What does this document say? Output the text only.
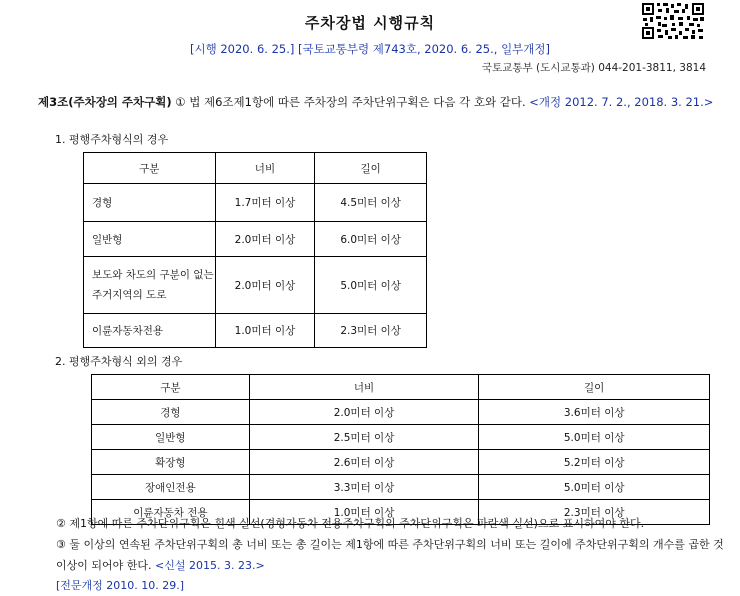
주차장법 시행규칙
[시행 2020. 6. 25.] [국토교통부령 제743호, 2020. 6. 25., 일부개정]
국토교통부 (도시교통과) 044-201-3811, 3814
제3조(주차장의 주차구획) ① 법 제6조제1항에 따른 주차장의 주차단위구획은 다음 각 호와 같다. <개정 2012. 7. 2., 2018. 3. 21.>
1. 평행주차형식의 경우
구분	너비	길이
경형	1.7미터 이상	4.5미터 이상
일반형	2.0미터 이상	6.0미터 이상
보도와 차도의 구분이 없는 주거지역의 도로	2.0미터 이상	5.0미터 이상
이륜자동차전용	1.0미터 이상	2.3미터 이상
2. 평행주차형식 외의 경우
구분	너비	길이
경형	2.0미터 이상	3.6미터 이상
일반형	2.5미터 이상	5.0미터 이상
확장형	2.6미터 이상	5.2미터 이상
장애인전용	3.3미터 이상	5.0미터 이상
이륜자동차 전용	1.0미터 이상	2.3미터 이상
② 제1항에 따른 주차단위구획은 흰색 실선(경형자동차 전용주차구획의 주차단위구획은 파란색 실선)으로 표시하여야 한다.
③ 둘 이상의 연속된 주차단위구획의 총 너비 또는 총 길이는 제1항에 따른 주차단위구획의 너비 또는 길이에 주차단위구획의 개수를 곱한 것 이상이 되어야 한다. <신설 2015. 3. 23.>
[전문개정 2010. 10. 29.]
